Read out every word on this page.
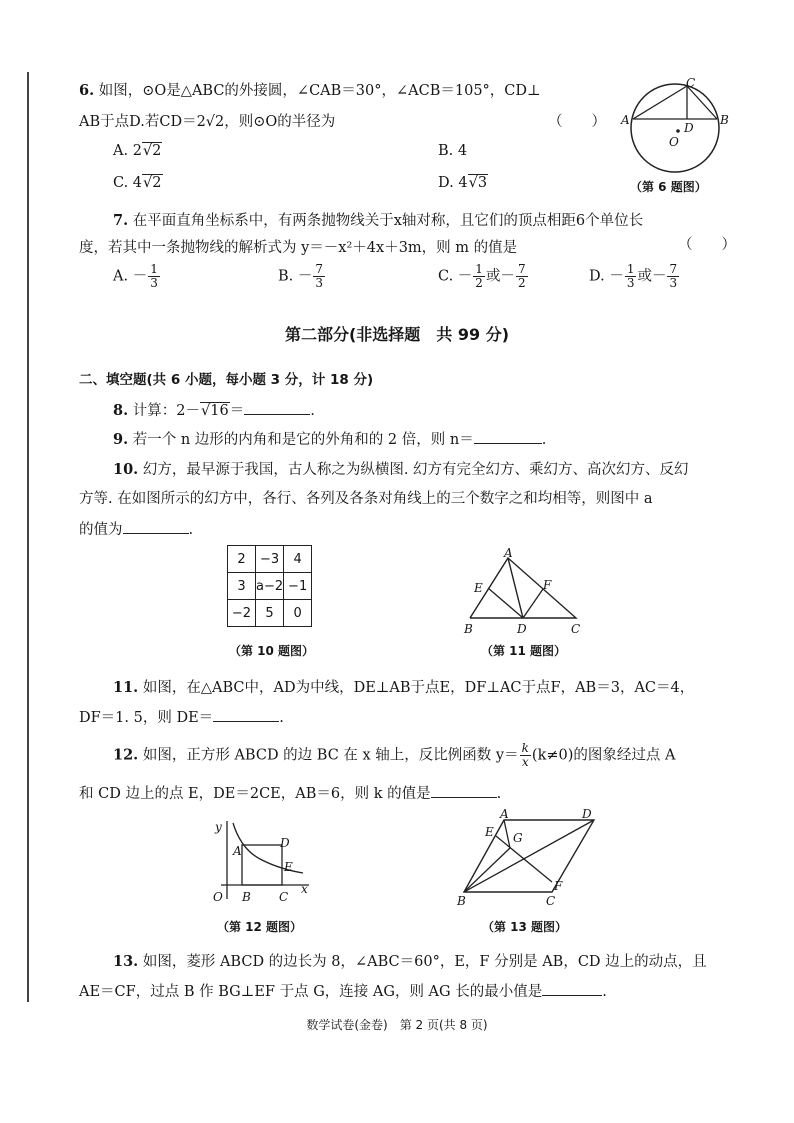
6. 如图，⊙O是△ABC的外接圆，∠CAB＝30°，∠ACB＝105°，CD⊥
AB于点D.若CD＝2√2，则⊙O的半径为	（　　）
A. 2√2	B. 4
C. 4√2	D. 4√3
C
A	B
D
O
（第 6 题图）
7. 在平面直角坐标系中，有两条抛物线关于x轴对称，且它们的顶点相距6个单位长
度，若其中一条抛物线的解析式为 y＝－x²＋4x＋3m，则 m 的值是	（　　）
A. － $\frac{1}{3}$	B. － $\frac{7}{3}$	C. － $\frac{1}{2}$ 或－ $\frac{7}{2}$	D. － $\frac{1}{3}$ 或－ $\frac{7}{3}$
第二部分(非选择题　共 99 分)
二、填空题(共 6 小题，每小题 3 分，计 18 分)
8. 计算：2－√16＝	.
9. 若一个 n 边形的内角和是它的外角和的 2 倍，则 n＝	.
10. 幻方，最早源于我国，古人称之为纵横图. 幻方有完全幻方、乘幻方、高次幻方、反幻
方等. 在如图所示的幻方中，各行、各列及各条对角线上的三个数字之和均相等，则图中 a
的值为	.
2	−3	4
3	a−2	−1
−2	5	0
（第 10 题图）
A
E	F
B	D	C
（第 11 题图）
11. 如图，在△ABC中，AD为中线，DE⊥AB于点E，DF⊥AC于点F，AB＝3，AC＝4，
DF＝1. 5，则 DE＝	.
12. 如图，正方形 ABCD 的边 BC 在 x 轴上，反比例函数 $y= \frac{k}{x} (k\ne 0)$的图象经过点 A
和 CD 边上的点 E，DE＝2CE，AB＝6，则 k 的值是	.
y
x
O
A
B C
D
E
（第 12 题图）
A	D
E G
F
B	C
（第 13 题图）
13. 如图，菱形 ABCD 的边长为 8，∠ABC＝60°，E，F 分别是 AB，CD 边上的动点，且
AE＝CF，过点 B 作 BG⊥EF 于点 G，连接 AG，则 AG 长的最小值是	.
数学试卷(金卷)　第 2 页(共 8 页)
